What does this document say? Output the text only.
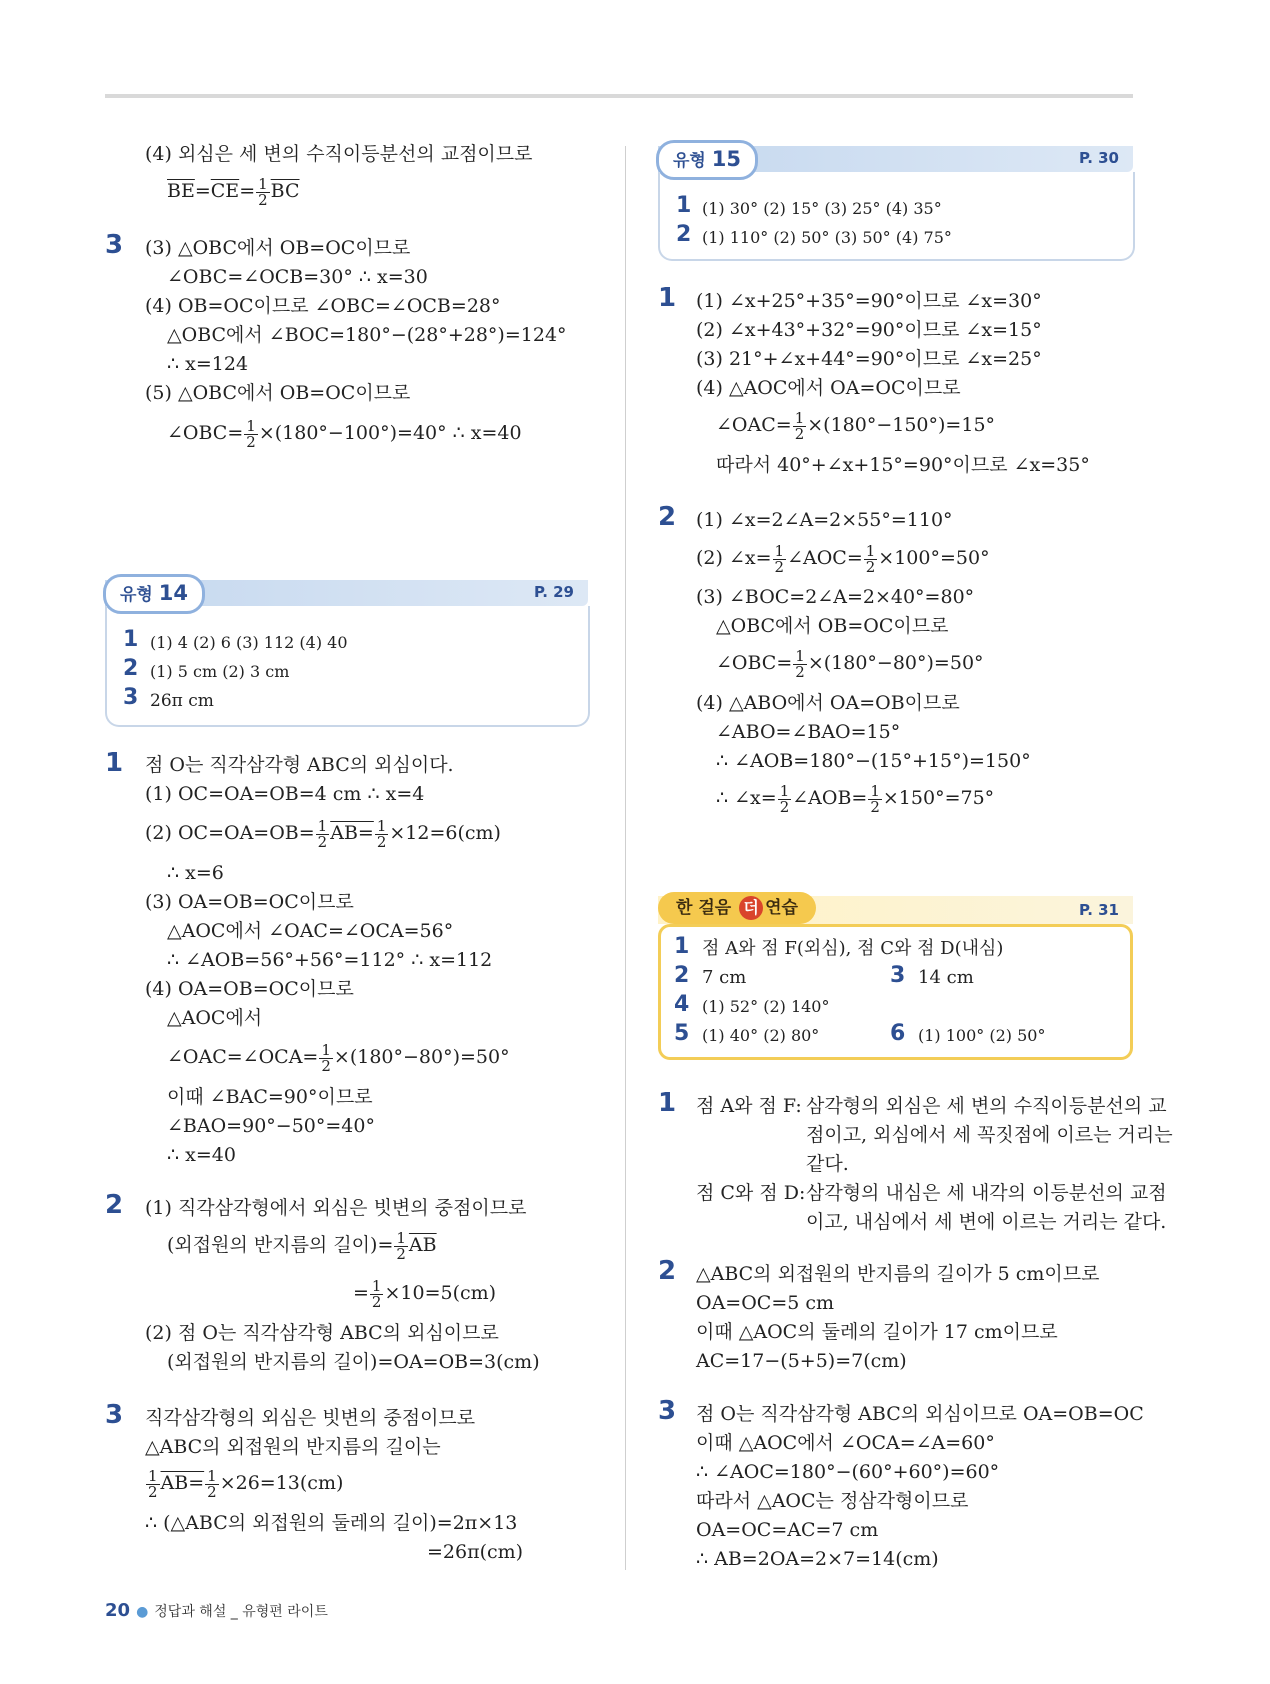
(4) 외심은 세 변의 수직이등분선의 교점이므로
$\overline{BE}=\overline{CE}= \frac{1}{2} \overline{BC}$
3 (3) △OBC에서 OB=OC이므로
∠OBC=∠OCB=30° ∴ x=30
(4) OB=OC이므로 ∠OBC=∠OCB=28°
△OBC에서 ∠BOC=180°−(28°+28°)=124°
∴ x=124
(5) △OBC에서 OB=OC이므로
∠OBC= $\frac{1}{2} \times(180^\circ-100^\circ)=40^\circ$ ∴ x=40
유형 14	P. 29
1 (1) 4 (2) 6 (3) 112 (4) 40
2 (1) 5 cm (2) 3 cm
3 26π cm
1 점 O는 직각삼각형 ABC의 외심이다.
(1) OC=OA=OB=4 cm ∴ x=4
(2) $OC=OA=OB= \frac{1}{2} AB= \frac{1}{2} \times 12=6(cm)$
∴ x=6
(3) OA=OB=OC이므로
△AOC에서 ∠OAC=∠OCA=56°
∴ ∠AOB=56°+56°=112° ∴ x=112
(4) OA=OB=OC이므로
△AOC에서
∠OAC=∠OCA= $\frac{1}{2} \times(180^\circ-80^\circ)=50^\circ$
이때 ∠BAC=90°이므로
∠BAO=90°−50°=40°
∴ x=40
2 (1) 직각삼각형에서 외심은 빗변의 중점이므로
(외접원의 반지름의 길이)= $\frac{1}{2} \overline{AB}$
= $\frac{1}{2} \times 10=5(cm)$
(2) 점 O는 직각삼각형 ABC의 외심이므로
(외접원의 반지름의 길이)=OA=OB=3(cm)
3 직각삼각형의 외심은 빗변의 중점이므로
△ABC의 외접원의 반지름의 길이는
$\frac{1}{2} AB= \frac{1}{2} \times 26=13(cm)$
∴ (△ABC의 외접원의 둘레의 길이)=2π×13
=26π(cm)
유형 15	P. 30
1 (1) 30° (2) 15° (3) 25° (4) 35°
2 (1) 110° (2) 50° (3) 50° (4) 75°
1 (1) ∠x+25°+35°=90°이므로 ∠x=30°
(2) ∠x+43°+32°=90°이므로 ∠x=15°
(3) 21°+∠x+44°=90°이므로 ∠x=25°
(4) △AOC에서 OA=OC이므로
∠OAC= $\frac{1}{2} \times(180^\circ-150^\circ)=15^\circ$
따라서 40°+∠x+15°=90°이므로 ∠x=35°
2 (1) ∠x=2∠A=2×55°=110°
(2) ∠x= $\frac{1}{2}$ ∠AOC= $\frac{1}{2} \times 100^\circ=50^\circ$
(3) ∠BOC=2∠A=2×40°=80°
△OBC에서 OB=OC이므로
∠OBC= $\frac{1}{2} \times(180^\circ-80^\circ)=50^\circ$
(4) △ABO에서 OA=OB이므로
∠ABO=∠BAO=15°
∴ ∠AOB=180°−(15°+15°)=150°
∴ ∠x= $\frac{1}{2}$ ∠AOB= $\frac{1}{2} \times 150^\circ=75^\circ$
한 걸음 더 연습	P. 31
1 점 A와 점 F(외심), 점 C와 점 D(내심)
2 7 cm	3 14 cm
4 (1) 52° (2) 140°
5 (1) 40° (2) 80°	6 (1) 100° (2) 50°
1 점 A와 점 F: 삼각형의 외심은 세 변의 수직이등분선의 교
점이고, 외심에서 세 꼭짓점에 이르는 거리는
같다.
점 C와 점 D: 삼각형의 내심은 세 내각의 이등분선의 교점
이고, 내심에서 세 변에 이르는 거리는 같다.
2 △ABC의 외접원의 반지름의 길이가 5 cm이므로
OA=OC=5 cm
이때 △AOC의 둘레의 길이가 17 cm이므로
AC=17−(5+5)=7(cm)
3 점 O는 직각삼각형 ABC의 외심이므로 OA=OB=OC
이때 △AOC에서 ∠OCA=∠A=60°
∴ ∠AOC=180°−(60°+60°)=60°
따라서 △AOC는 정삼각형이므로
OA=OC=AC=7 cm
∴ AB=2OA=2×7=14(cm)
20 ● 정답과 해설 _ 유형편 라이트
